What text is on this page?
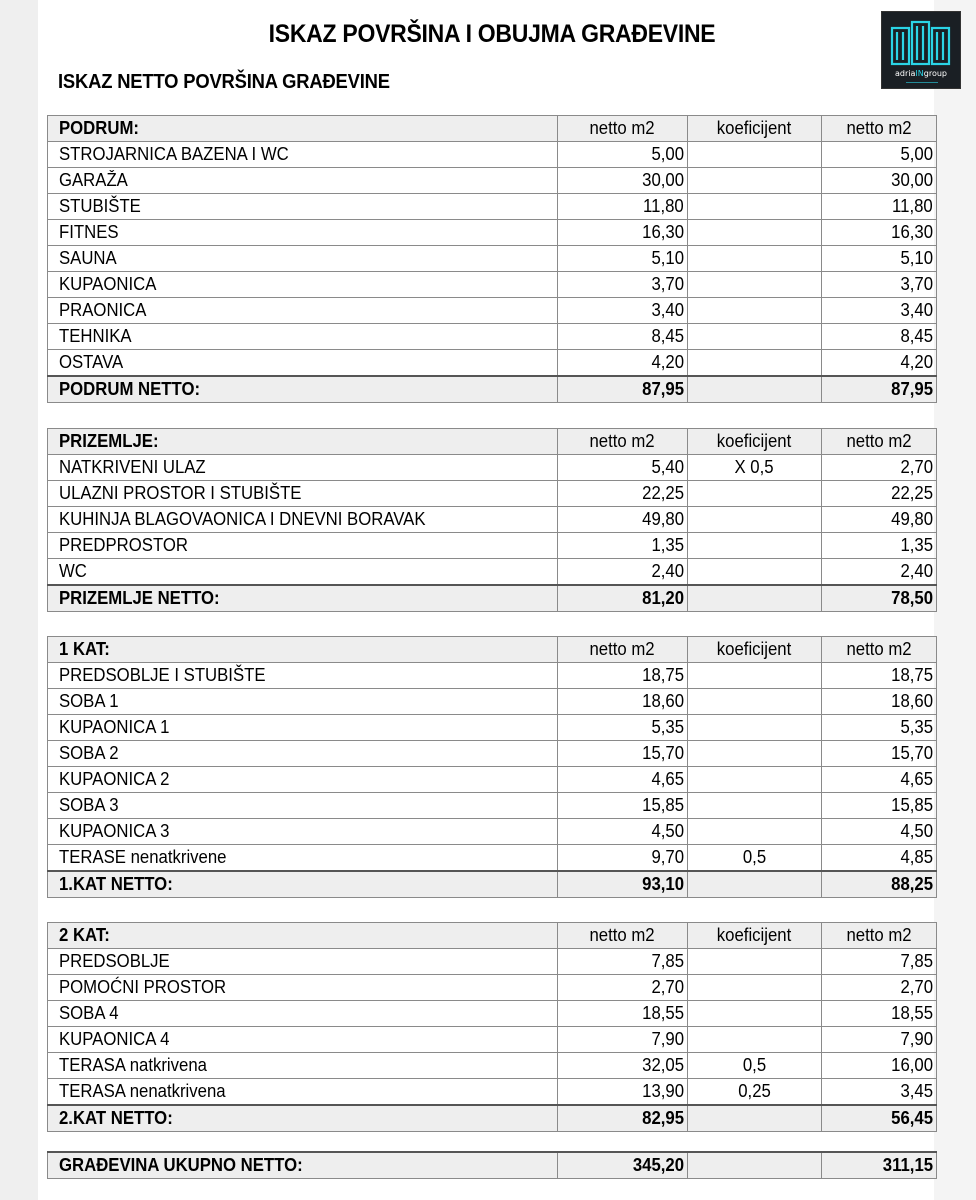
ISKAZ POVRŠINA I OBUJMA GRAĐEVINE
ISKAZ NETTO POVRŠINA GRAĐEVINE	adriaINgroup
PODRUM:	netto m2	koeficijent	netto m2
STROJARNICA BAZENA I WC	5,00		5,00
GARAŽA	30,00		30,00
STUBIŠTE	11,80		11,80
FITNES	16,30		16,30
SAUNA	5,10		5,10
KUPAONICA	3,70		3,70
PRAONICA	3,40		3,40
TEHNIKA	8,45		8,45
OSTAVA	4,20		4,20
PODRUM NETTO:	87,95		87,95
PRIZEMLJE:	netto m2	koeficijent	netto m2
NATKRIVENI ULAZ	5,40	X 0,5	2,70
ULAZNI PROSTOR I STUBIŠTE	22,25		22,25
KUHINJA BLAGOVAONICA I DNEVNI BORAVAK	49,80		49,80
PREDPROSTOR	1,35		1,35
WC	2,40		2,40
PRIZEMLJE NETTO:	81,20		78,50
1 KAT:	netto m2	koeficijent	netto m2
PREDSOBLJE I STUBIŠTE	18,75		18,75
SOBA 1	18,60		18,60
KUPAONICA 1	5,35		5,35
SOBA 2	15,70		15,70
KUPAONICA 2	4,65		4,65
SOBA 3	15,85		15,85
KUPAONICA 3	4,50		4,50
TERASE nenatkrivene	9,70	0,5	4,85
1.KAT NETTO:	93,10		88,25
2 KAT:	netto m2	koeficijent	netto m2
PREDSOBLJE	7,85		7,85
POMOĆNI PROSTOR	2,70		2,70
SOBA 4	18,55		18,55
KUPAONICA 4	7,90		7,90
TERASA natkrivena	32,05	0,5	16,00
TERASA nenatkrivena	13,90	0,25	3,45
2.KAT NETTO:	82,95		56,45
GRAĐEVINA UKUPNO NETTO:	345,20		311,15
